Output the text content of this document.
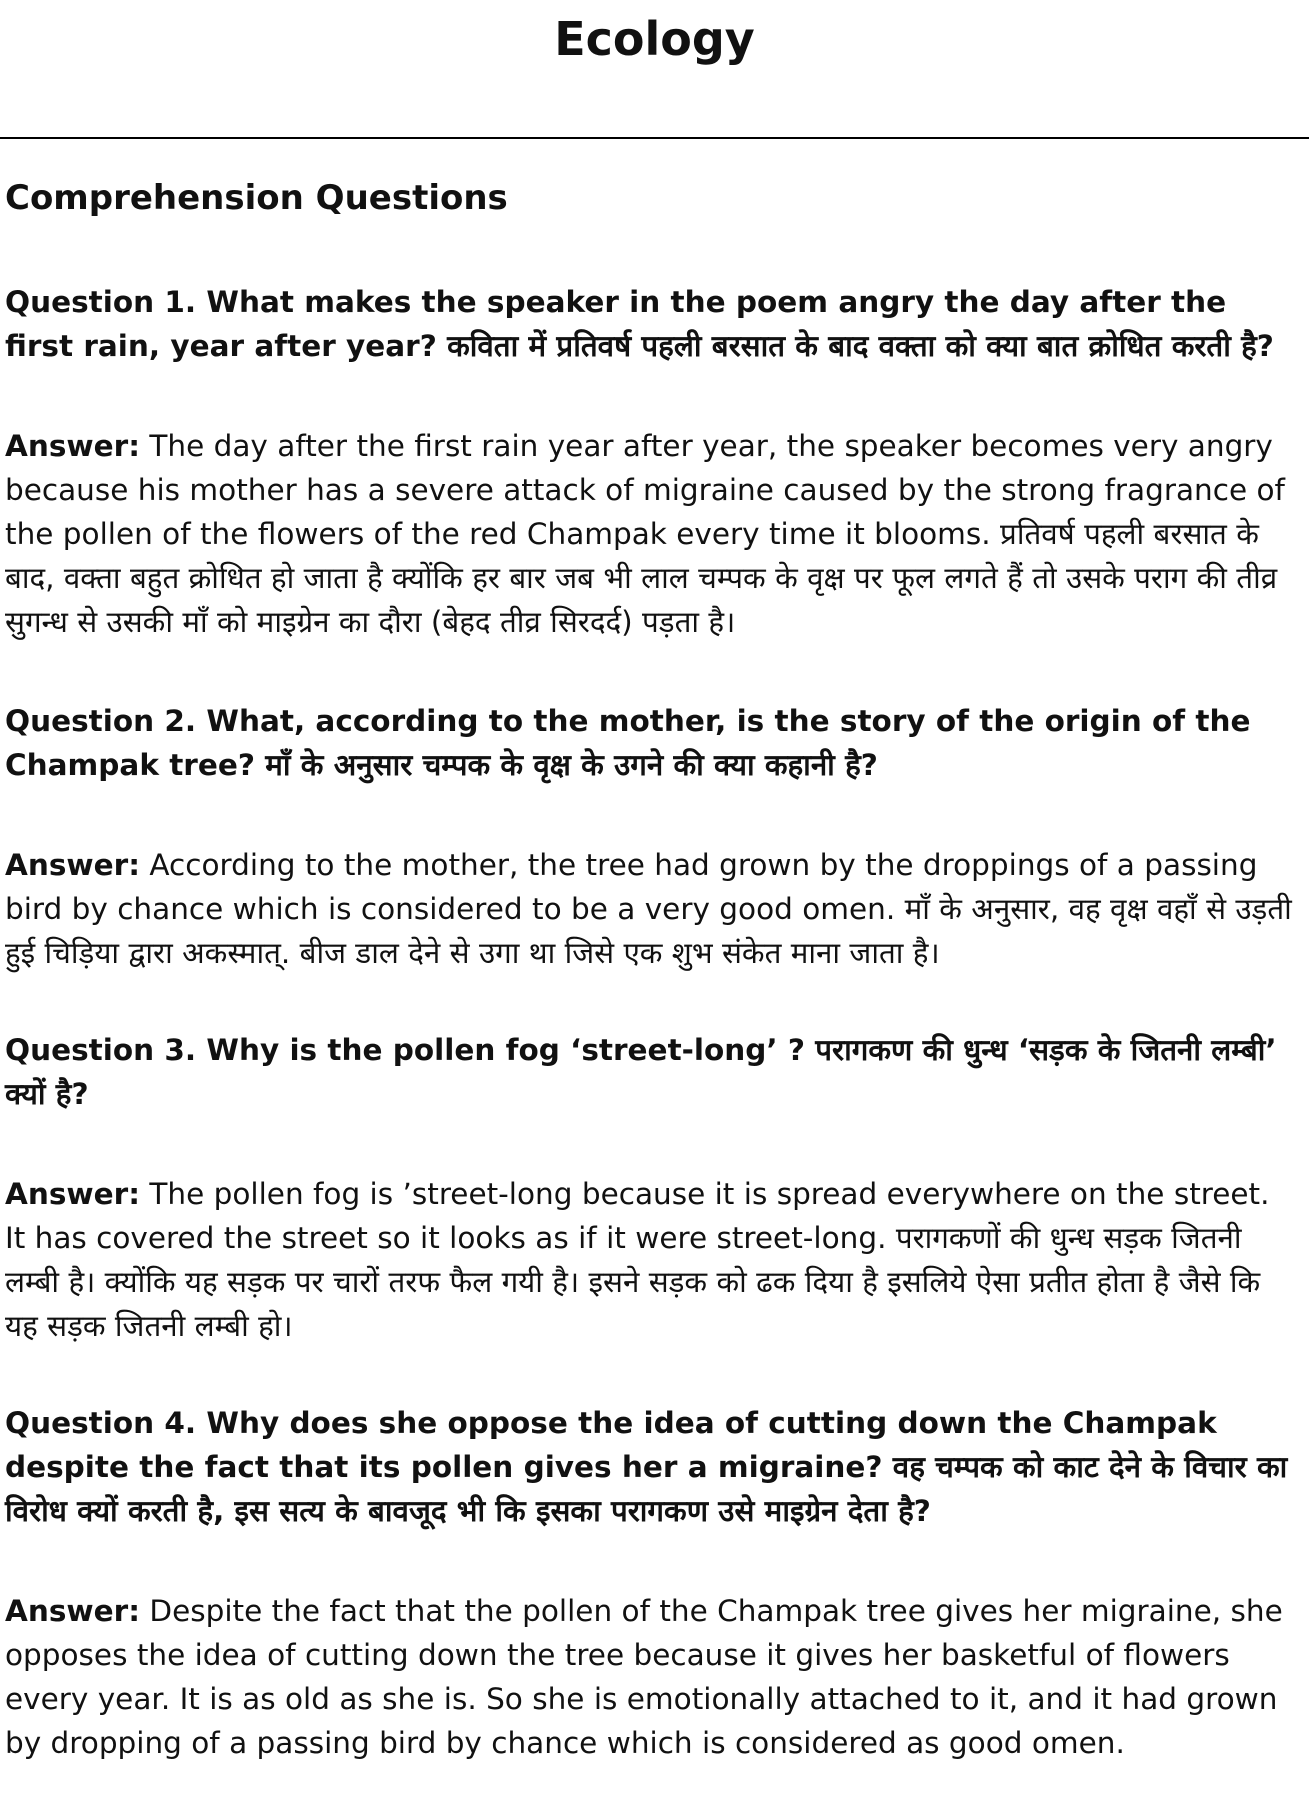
Ecology
Comprehension Questions

Question 1. What makes the speaker in the poem angry the day after the first rain, year after year? कविता में प्रतिवर्ष पहली बरसात के बाद वक्ता को क्या बात क्रोधित करती है?

Answer: The day after the first rain year after year, the speaker becomes very angry because his mother has a severe attack of migraine caused by the strong fragrance of the pollen of the flowers of the red Champak every time it blooms. प्रतिवर्ष पहली बरसात के बाद, वक्ता बहुत क्रोधित हो जाता है क्योंकि हर बार जब भी लाल चम्पक के वृक्ष पर फूल लगते हैं तो उसके पराग की तीव्र सुगन्ध से उसकी माँ को माइग्रेन का दौरा (बेहद तीव्र सिरदर्द) पड़ता है।

Question 2. What, according to the mother, is the story of the origin of the Champak tree? माँ के अनुसार चम्पक के वृक्ष के उगने की क्या कहानी है?

Answer: According to the mother, the tree had grown by the droppings of a passing bird by chance which is considered to be a very good omen. माँ के अनुसार, वह वृक्ष वहाँ से उड़ती हुई चिड़िया द्वारा अकस्मात्. बीज डाल देने से उगा था जिसे एक शुभ संकेत माना जाता है।

Question 3. Why is the pollen fog ‘street-long’ ? परागकण की धुन्ध ‘सड़क के जितनी लम्बी’ क्यों है?

Answer: The pollen fog is ’street-long because it is spread everywhere on the street. It has covered the street so it looks as if it were street-long. परागकणों की धुन्ध सड़क जितनी लम्बी है। क्योंकि यह सड़क पर चारों तरफ फैल गयी है। इसने सड़क को ढक दिया है इसलिये ऐसा प्रतीत होता है जैसे कि यह सड़क जितनी लम्बी हो।

Question 4. Why does she oppose the idea of cutting down the Champak despite the fact that its pollen gives her a migraine? वह चम्पक को काट देने के विचार का विरोध क्यों करती है, इस सत्य के बावजूद भी कि इसका परागकण उसे माइग्रेन देता है?

Answer: Despite the fact that the pollen of the Champak tree gives her migraine, she opposes the idea of cutting down the tree because it gives her basketful of flowers every year. It is as old as she is. So she is emotionally attached to it, and it had grown by dropping of a passing bird by chance which is considered as good omen.
